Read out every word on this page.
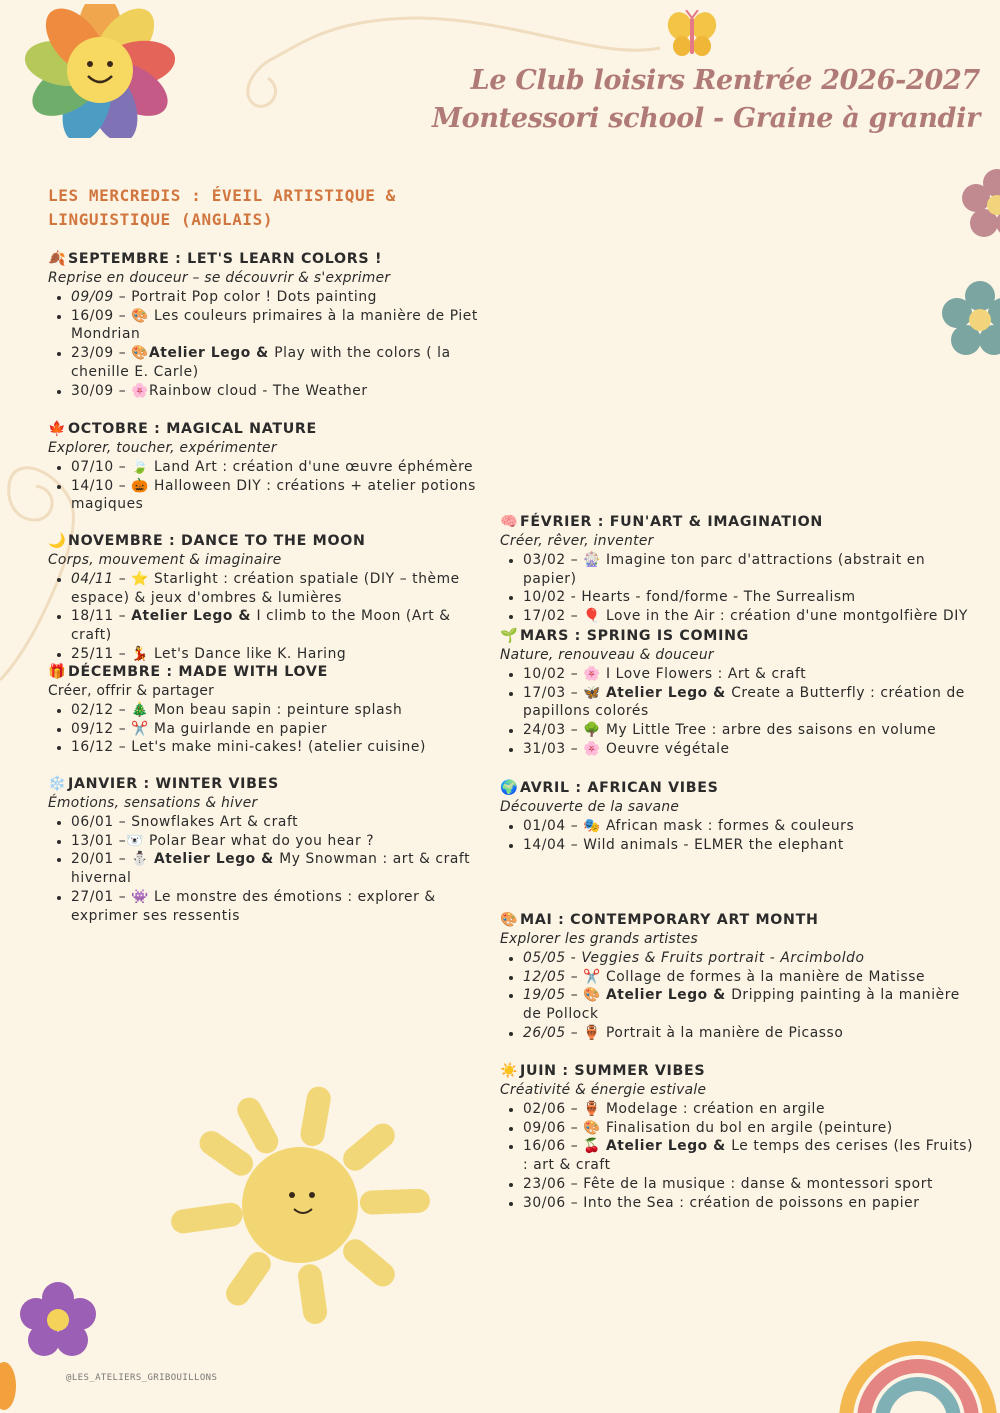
Le Club loisirs Rentrée 2026-2027
Montessori school - Graine à grandir
LES MERCREDIS : ÉVEIL ARTISTIQUE & LINGUISTIQUE (ANGLAIS)
🍂 SEPTEMBRE : LET'S LEARN COLORS !
Reprise en douceur – se découvrir & s'exprimer
• 09/09 – Portrait Pop color ! Dots painting
• 16/09 – 🎨 Les couleurs primaires à la manière de Piet Mondrian
• 23/09 – 🎨Atelier Lego & Play with the colors ( la chenille E. Carle)
• 30/09 – 🌸Rainbow cloud - The Weather
🍁 OCTOBRE : MAGICAL NATURE
Explorer, toucher, expérimenter
• 07/10 – 🍃 Land Art : création d'une œuvre éphémère
• 14/10 – 🎃 Halloween DIY : créations + atelier potions magiques
🌙 NOVEMBRE : DANCE TO THE MOON
Corps, mouvement & imaginaire
• 04/11 – ⭐ Starlight : création spatiale (DIY – thème espace) & jeux d'ombres & lumières
• 18/11 – Atelier Lego & I climb to the Moon (Art & craft)
• 25/11 – 💃 Let's Dance like K. Haring
🎁 DÉCEMBRE : MADE WITH LOVE
Créer, offrir & partager
• 02/12 – 🎄 Mon beau sapin : peinture splash
• 09/12 – ✂️ Ma guirlande en papier
• 16/12 – Let's make mini-cakes! (atelier cuisine)
❄️ JANVIER : WINTER VIBES
Émotions, sensations & hiver
• 06/01 – Snowflakes Art & craft
• 13/01 –🐻‍❄️ Polar Bear what do you hear ?
• 20/01 – ⛄ Atelier Lego & My Snowman : art & craft hivernal
• 27/01 – 👾 Le monstre des émotions : explorer & exprimer ses ressentis
🧠 FÉVRIER : FUN'ART & IMAGINATION
Créer, rêver, inventer
• 03/02 – 🎡 Imagine ton parc d'attractions (abstrait en papier)
• 10/02 - Hearts - fond/forme - The Surrealism
• 17/02 – 🎈 Love in the Air : création d'une montgolfière DIY
🌱 MARS : SPRING IS COMING
Nature, renouveau & douceur
• 10/02 – 🌸 I Love Flowers : Art & craft
• 17/03 – 🦋 Atelier Lego & Create a Butterfly : création de papillons colorés
• 24/03 – 🌳 My Little Tree : arbre des saisons en volume
• 31/03 – 🌸 Oeuvre végétale
🌍 AVRIL : AFRICAN VIBES
Découverte de la savane
• 01/04 – 🎭 African mask : formes & couleurs
• 14/04 – Wild animals - ELMER the elephant
🎨 MAI : CONTEMPORARY ART MONTH
Explorer les grands artistes
• 05/05 - Veggies & Fruits portrait - Arcimboldo
• 12/05 – ✂️ Collage de formes à la manière de Matisse
• 19/05 – 🎨 Atelier Lego & Dripping painting à la manière de Pollock
• 26/05 – 🏺 Portrait à la manière de Picasso
☀️ JUIN : SUMMER VIBES
Créativité & énergie estivale
• 02/06 – 🏺 Modelage : création en argile
• 09/06 – 🎨 Finalisation du bol en argile (peinture)
• 16/06 – 🍒 Atelier Lego & Le temps des cerises (les Fruits) : art & craft
• 23/06 – Fête de la musique : danse & montessori sport
• 30/06 – Into the Sea : création de poissons en papier
@LES_ATELIERS_GRIBOUILLONS
